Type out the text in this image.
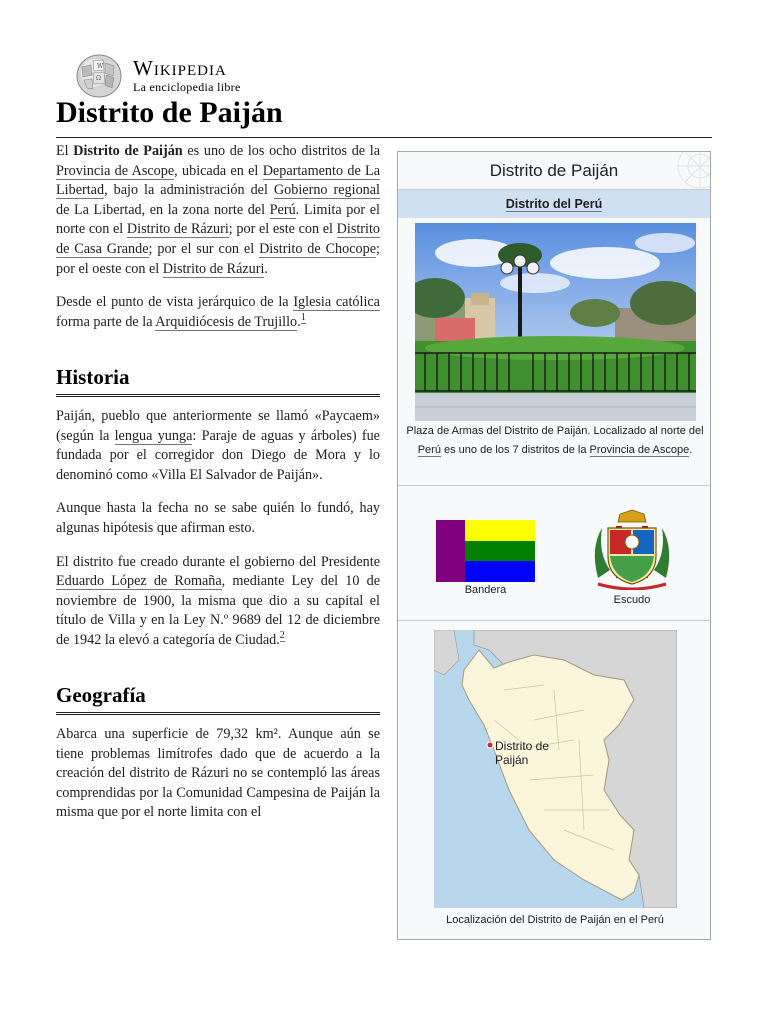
W
Ω Wikipedia
La enciclopedia libre
Distrito de Paiján

El Distrito de Paiján es uno de los ocho distritos de la Provincia de Ascope, ubicada en el Departamento de La Libertad, bajo la administración del Gobierno regional de La Libertad, en la zona norte del Perú. Limita por el norte con el Distrito de Rázuri; por el este con el Distrito de Casa Grande; por el sur con el Distrito de Chocope; por el oeste con el Distrito de Rázuri.

Desde el punto de vista jerárquico de la Iglesia católica forma parte de la Arquidiócesis de Trujillo.$^1$

Historia

Paiján, pueblo que anteriormente se llamó «Paycaem» (según la lengua yunga: Paraje de aguas y árboles) fue fundada por el corregidor don Diego de Mora y lo denominó como «Villa El Salvador de Paiján».

Aunque hasta la fecha no se sabe quién lo fundó, hay algunas hipótesis que afirman esto.

El distrito fue creado durante el gobierno del Presidente Eduardo López de Romaña, mediante Ley del 10 de noviembre de 1900, la misma que dio a su capital el título de Villa y en la Ley N.º 9689 del 12 de diciembre de 1942 la elevó a categoría de Ciudad.$^2$

Geografía

Abarca una superficie de 79,32 km². Aunque aún se tiene problemas limítrofes dado que de acuerdo a la creación del distrito de Rázuri no se contempló las áreas comprendidas por la Comunidad Campesina de Paiján la misma que por el norte limita con el

Distrito de Paiján
Distrito del Perú
Plaza de Armas del Distrito de Paiján. Localizado al norte del Perú es uno de los 7 distritos de la Provincia de Ascope.
Bandera
Escudo
Distrito de Paiján
Localización del Distrito de Paiján en el Perú
